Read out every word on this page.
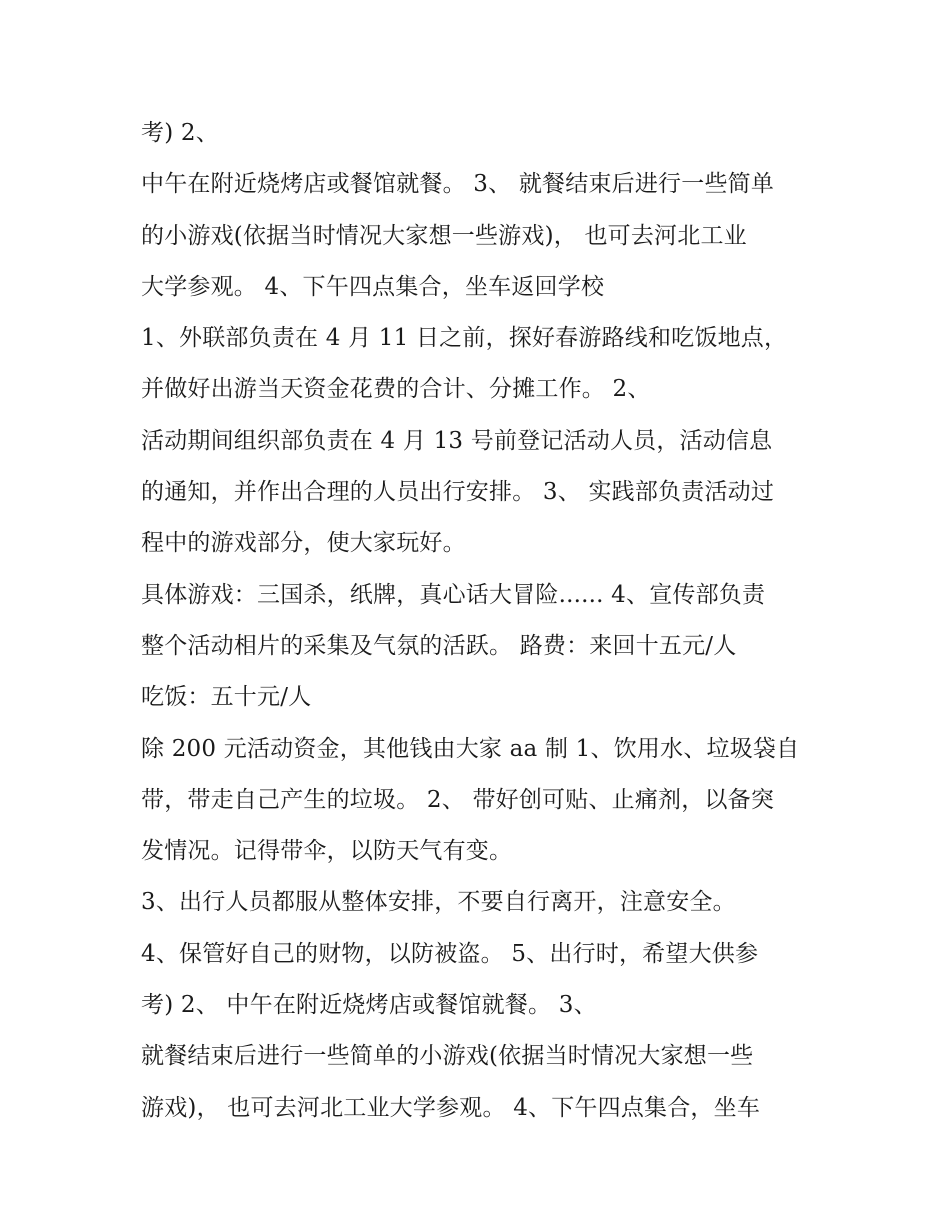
考) 2、
中午在附近烧烤店或餐馆就餐。 3、 就餐结束后进行一些简单
的小游戏(依据当时情况大家想一些游戏)， 也可去河北工业
大学参观。 4、下午四点集合，坐车返回学校
1、外联部负责在 4 月 11 日之前，探好春游路线和吃饭地点，
并做好出游当天资金花费的合计、分摊工作。 2、
活动期间组织部负责在 4 月 13 号前登记活动人员，活动信息
的通知，并作出合理的人员出行安排。 3、 实践部负责活动过
程中的游戏部分，使大家玩好。
具体游戏：三国杀，纸牌，真心话大冒险...... 4、宣传部负责
整个活动相片的采集及气氛的活跃。 路费：来回十五元/人
吃饭：五十元/人
除 200 元活动资金，其他钱由大家 aa 制 1、饮用水、垃圾袋自
带，带走自己产生的垃圾。 2、 带好创可贴、止痛剂，以备突
发情况。记得带伞，以防天气有变。
3、出行人员都服从整体安排，不要自行离开，注意安全。
4、保管好自己的财物，以防被盗。 5、出行时，希望大供参
考) 2、 中午在附近烧烤店或餐馆就餐。 3、
就餐结束后进行一些简单的小游戏(依据当时情况大家想一些
游戏)， 也可去河北工业大学参观。 4、下午四点集合，坐车
